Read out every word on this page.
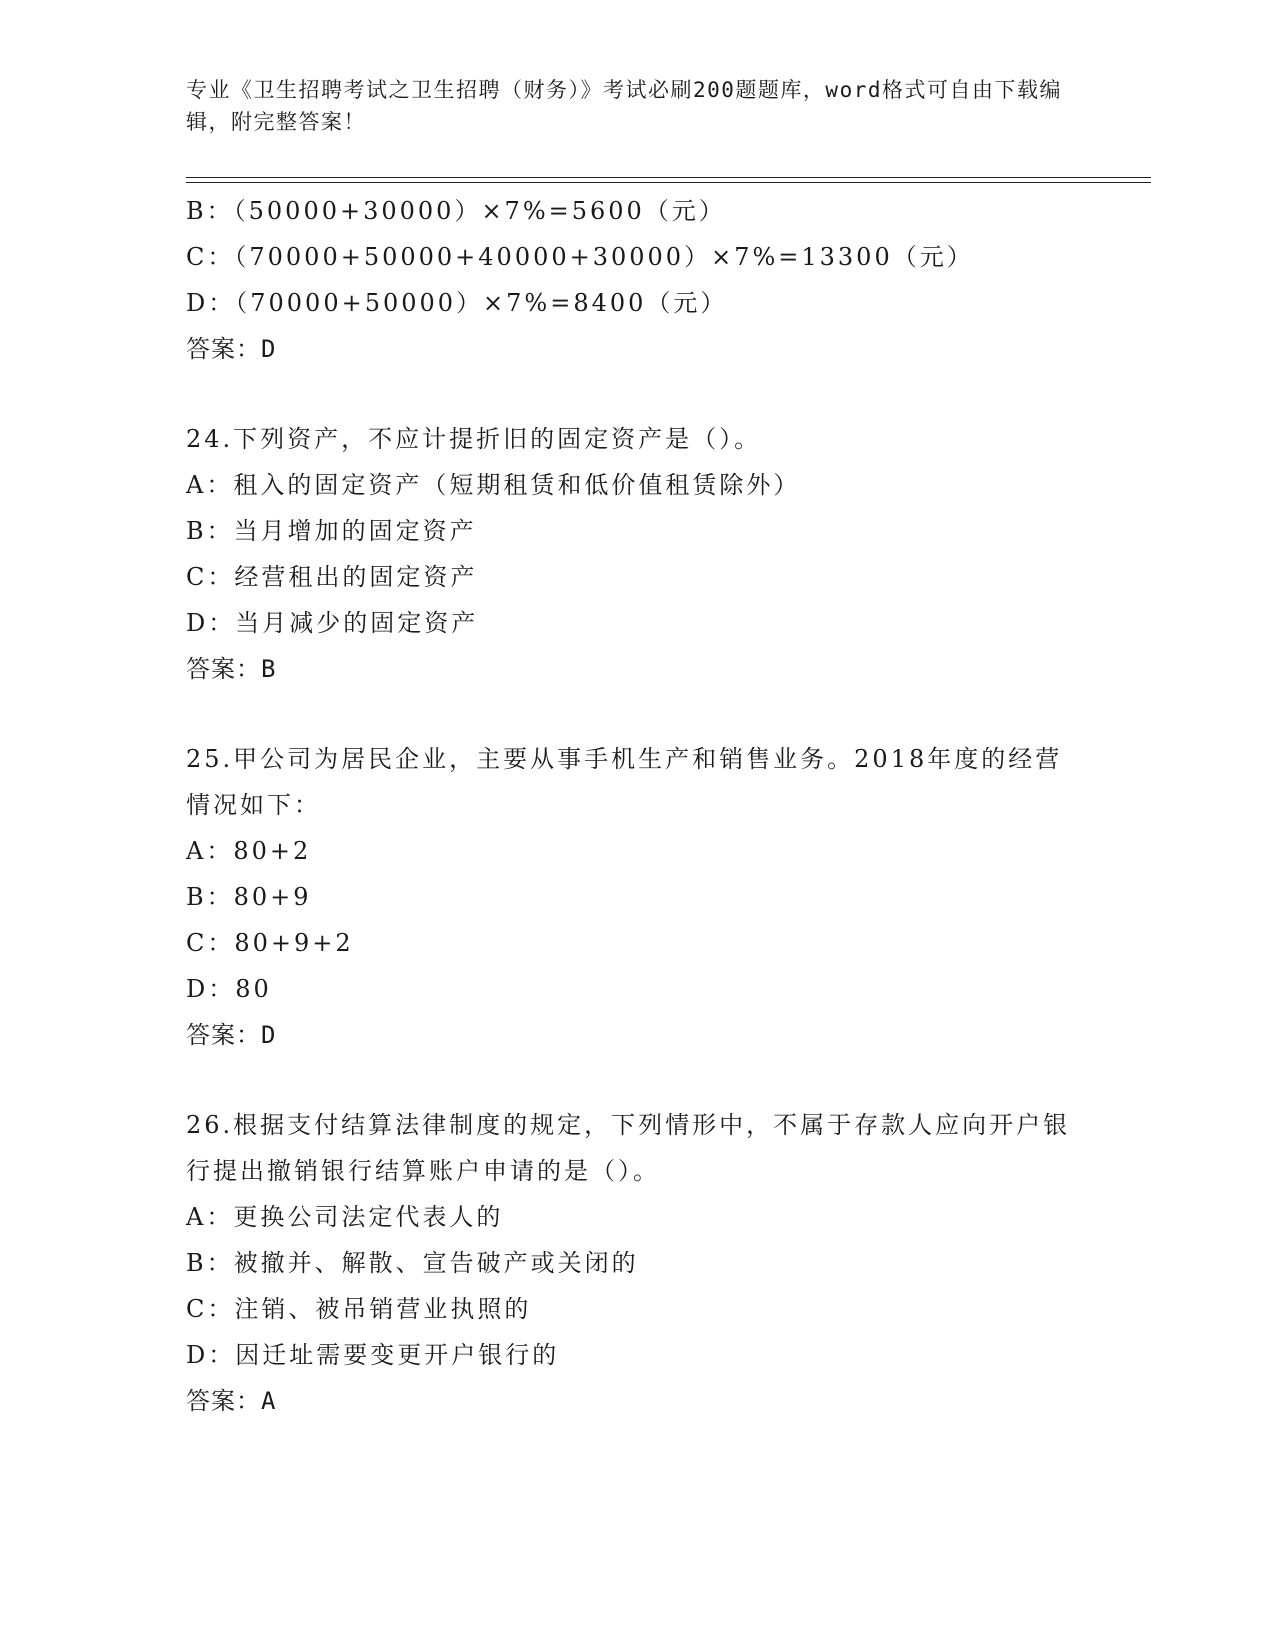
专业《卫生招聘考试之卫生招聘（财务）》考试必刷200题题库，word格式可自由下载编辑，附完整答案！
B：（50000+30000）×7%=5600（元）
C：（70000+50000+40000+30000）×7%=13300（元）
D：（70000+50000）×7%=8400（元）
答案：D
24.下列资产，不应计提折旧的固定资产是（）。
A：租入的固定资产（短期租赁和低价值租赁除外）
B：当月增加的固定资产
C：经营租出的固定资产
D：当月减少的固定资产
答案：B
25.甲公司为居民企业，主要从事手机生产和销售业务。2018年度的经营情况如下：
A：80+2
B：80+9
C：80+9+2
D：80
答案：D
26.根据支付结算法律制度的规定，下列情形中，不属于存款人应向开户银行提出撤销银行结算账户申请的是（）。
A：更换公司法定代表人的
B：被撤并、解散、宣告破产或关闭的
C：注销、被吊销营业执照的
D：因迁址需要变更开户银行的
答案：A
